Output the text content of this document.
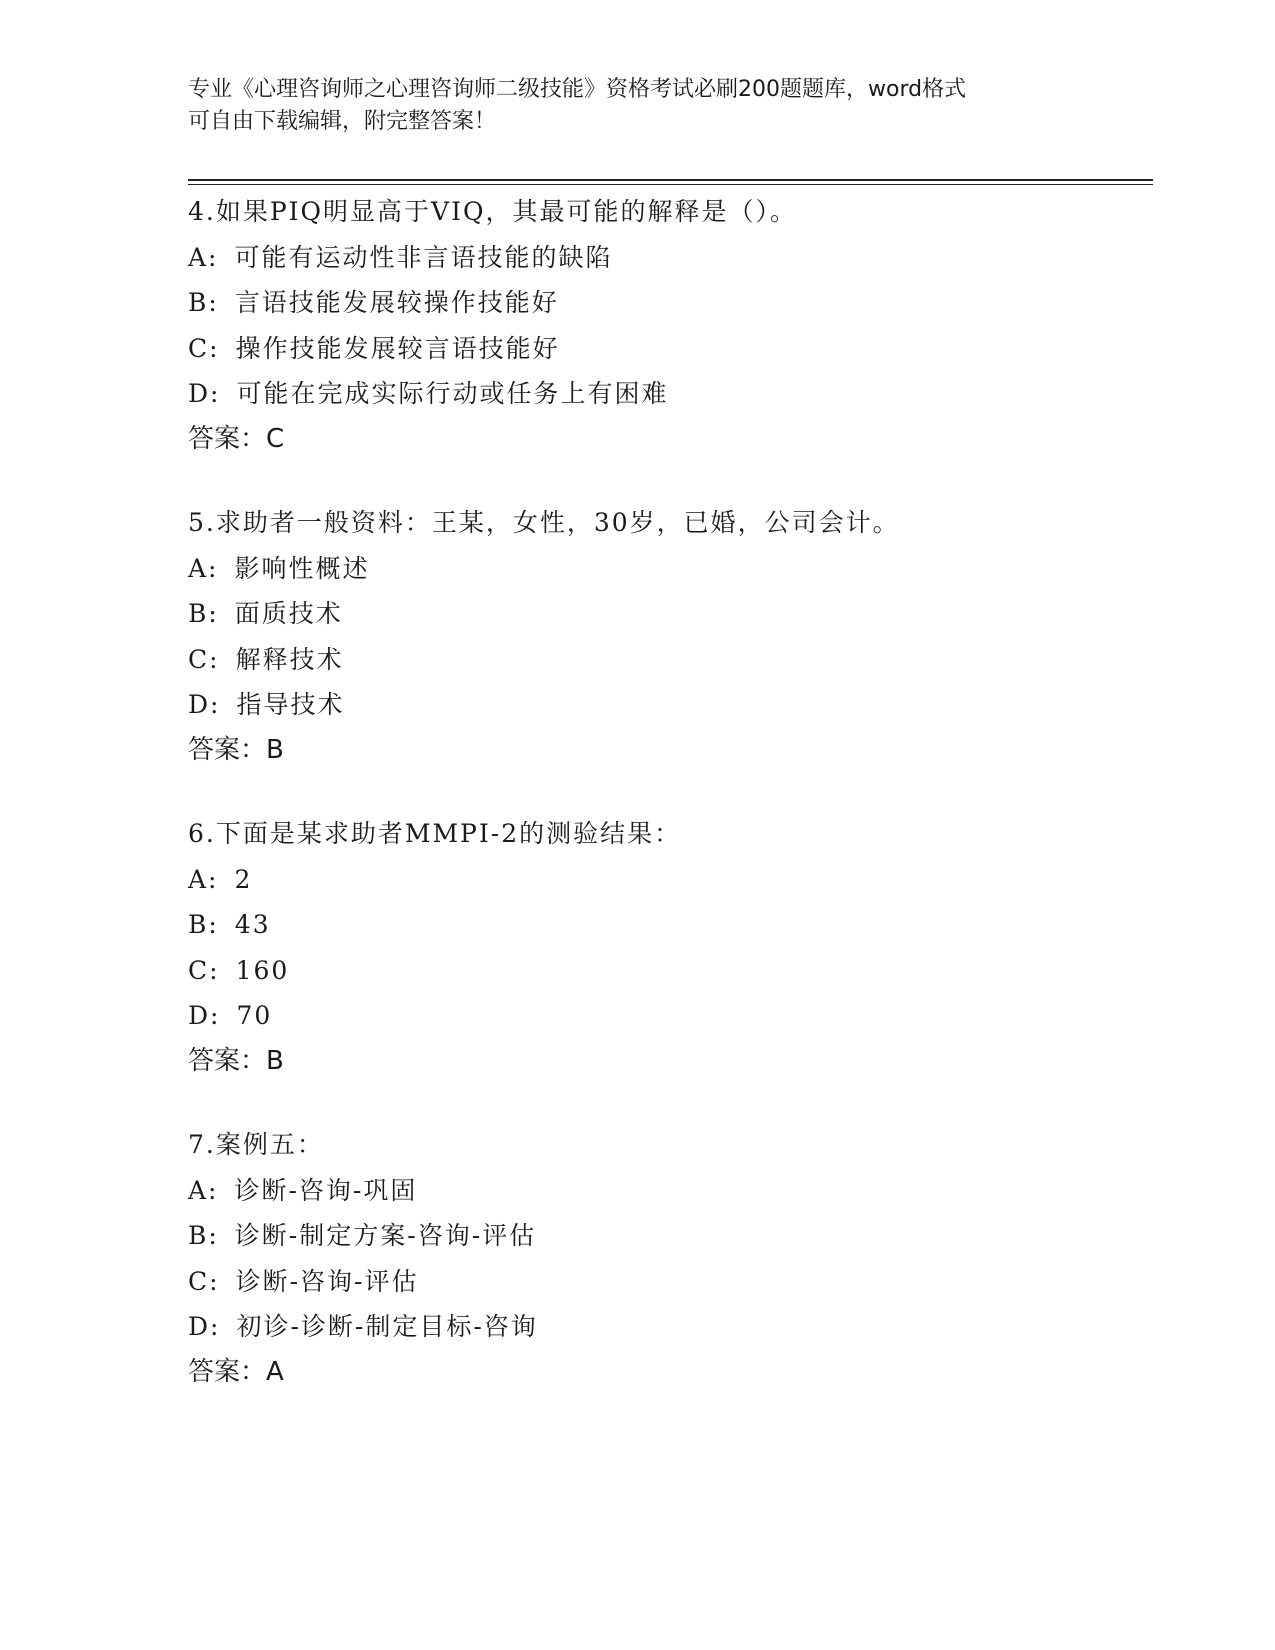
专业《心理咨询师之心理咨询师二级技能》资格考试必刷200题题库，word格式
可自由下载编辑，附完整答案！
4.如果PIQ明显高于VIQ，其最可能的解释是（）。
A: 可能有运动性非言语技能的缺陷
B: 言语技能发展较操作技能好
C: 操作技能发展较言语技能好
D: 可能在完成实际行动或任务上有困难
答案：C
5.求助者一般资料：王某，女性，30岁，已婚，公司会计。
A: 影响性概述
B: 面质技术
C: 解释技术
D: 指导技术
答案：B
6.下面是某求助者MMPI-2的测验结果：
A: 2
B: 43
C: 160
D: 70
答案：B
7.案例五：
A: 诊断-咨询-巩固
B: 诊断-制定方案-咨询-评估
C: 诊断-咨询-评估
D: 初诊-诊断-制定目标-咨询
答案：A
